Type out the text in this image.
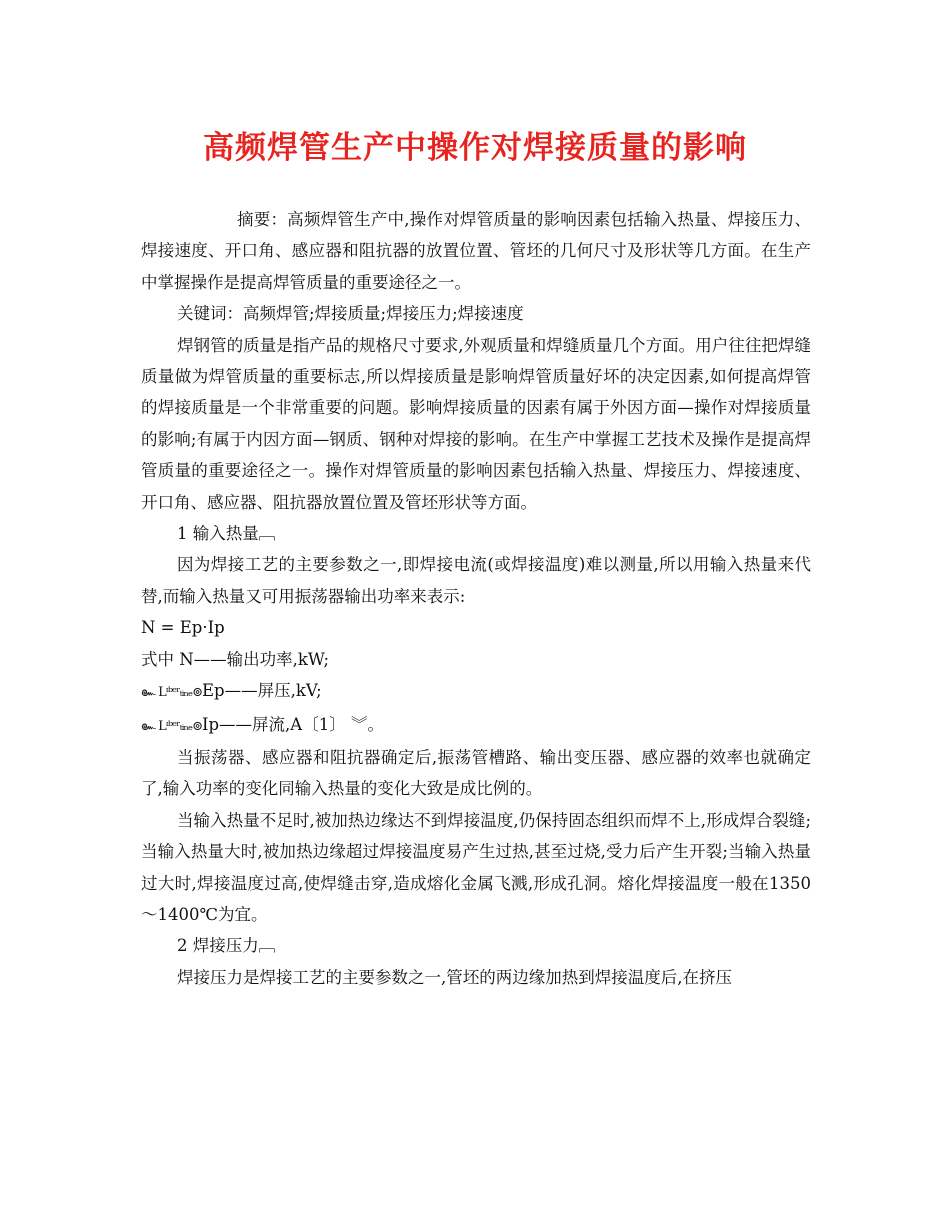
高频焊管生产中操作对焊接质量的影响

摘要：高频焊管生产中,操作对焊管质量的影响因素包括输入热量、焊接压力、焊接速度、开口角、感应器和阻抗器的放置位置、管坯的几何尺寸及形状等几方面。在生产中掌握操作是提高焊管质量的重要途径之一。

关键词：高频焊管;焊接质量;焊接压力;焊接速度

焊钢管的质量是指产品的规格尺寸要求,外观质量和焊缝质量几个方面。用户往往把焊缝质量做为焊管质量的重要标志,所以焊接质量是影响焊管质量好坏的决定因素,如何提高焊管的焊接质量是一个非常重要的问题。影响焊接质量的因素有属于外因方面—操作对焊接质量的影响;有属于内因方面—钢质、钢种对焊接的影响。在生产中掌握工艺技术及操作是提高焊管质量的重要途径之一。操作对焊管质量的影响因素包括输入热量、焊接压力、焊接速度、开口角、感应器、阻抗器放置位置及管坯形状等方面。

1 输入热量﹇

因为焊接工艺的主要参数之一,即焊接电流(或焊接温度)难以测量,所以用输入热量来代替,而输入热量又可用振荡器输出功率来表示:

N = Ep·Ip

式中 N——输出功率,kW;

๛ Lᶦᵇᵉʳₜᵢₙₑ⊚Ep——屏压,kV;

๛ Lᶦᵇᵉʳₜᵢₙₑ⊚Ip——屏流,A〔1〕 ︾。

当振荡器、感应器和阻抗器确定后,振荡管槽路、输出变压器、感应器的效率也就确定了,输入功率的变化同输入热量的变化大致是成比例的。

当输入热量不足时,被加热边缘达不到焊接温度,仍保持固态组织而焊不上,形成焊合裂缝;当输入热量大时,被加热边缘超过焊接温度易产生过热,甚至过烧,受力后产生开裂;当输入热量过大时,焊接温度过高,使焊缝击穿,造成熔化金属飞溅,形成孔洞。熔化焊接温度一般在1350～1400℃为宜。

2 焊接压力﹇

焊接压力是焊接工艺的主要参数之一,管坯的两边缘加热到焊接温度后,在挤压
